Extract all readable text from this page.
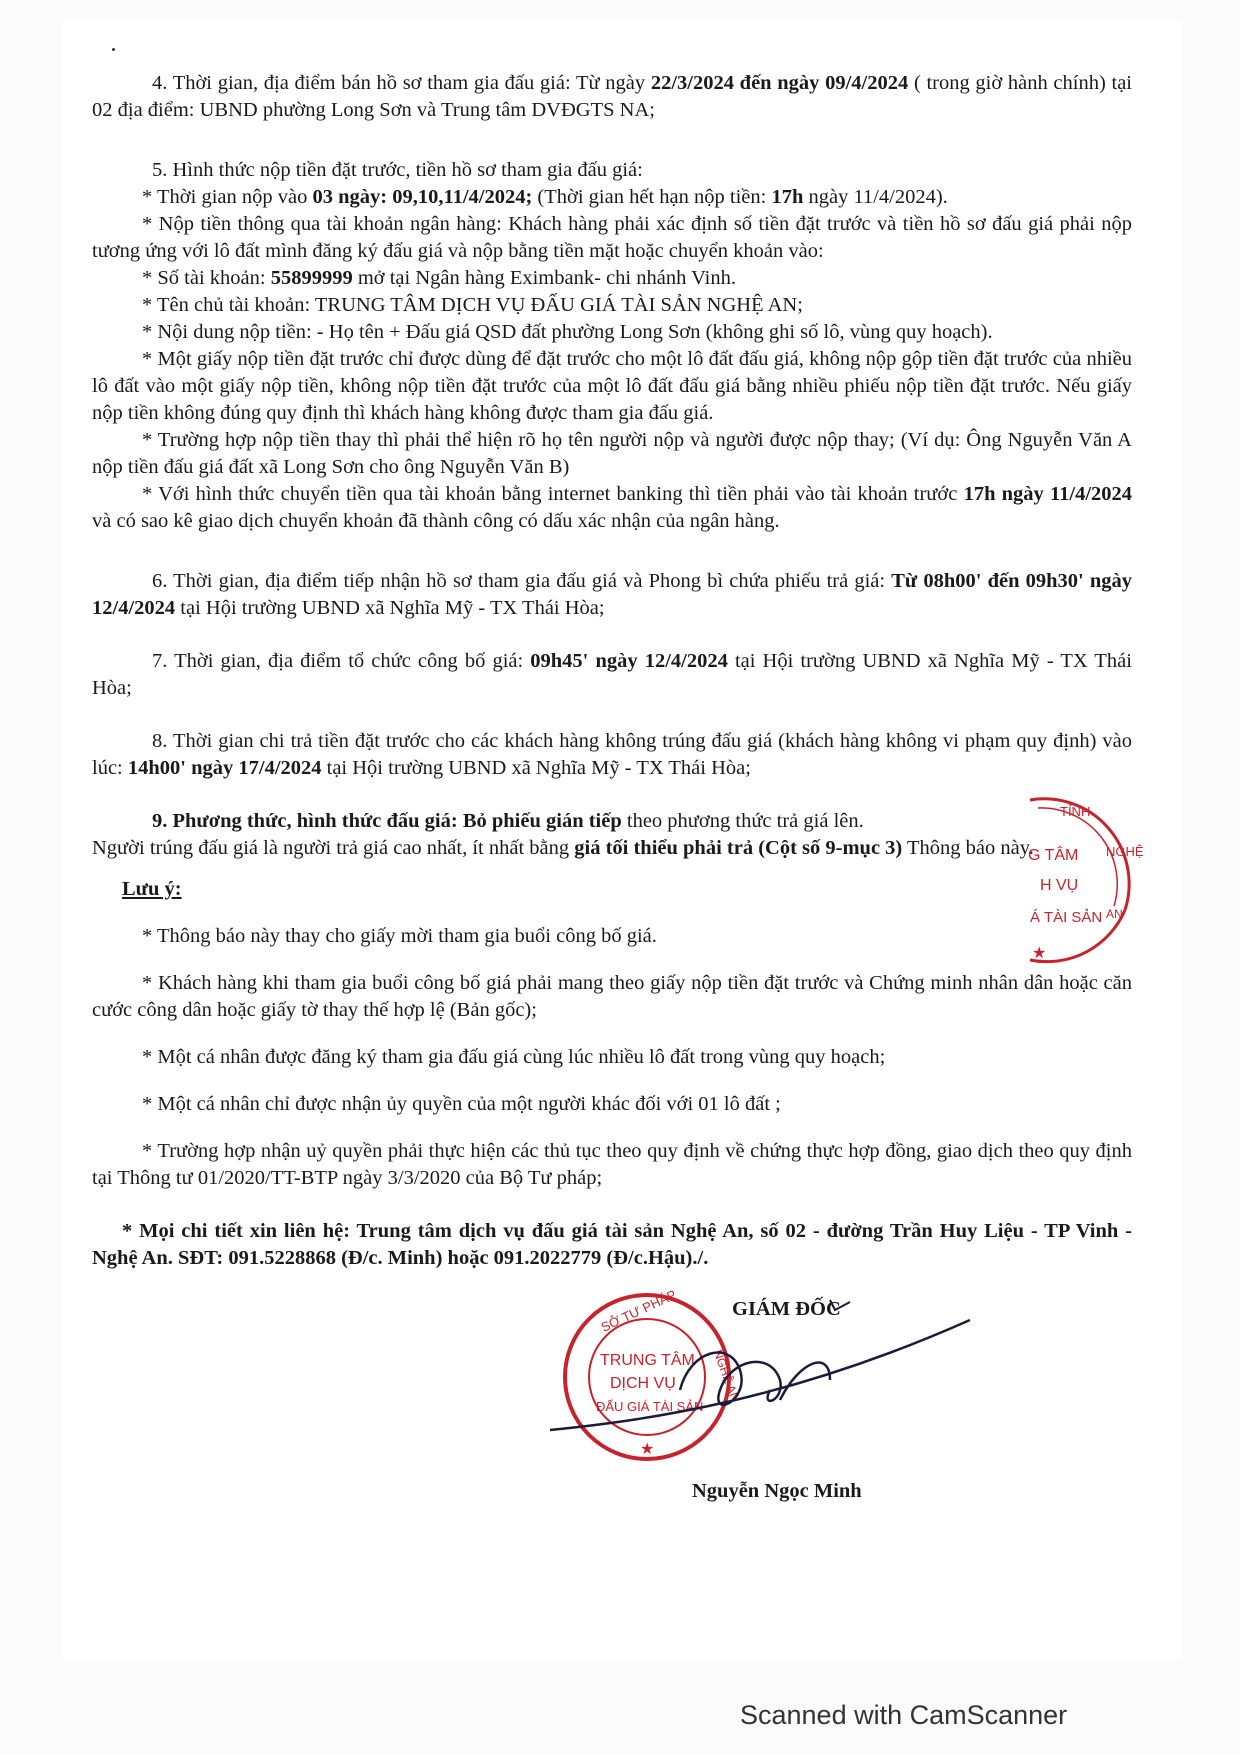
4. Thời gian, địa điểm bán hồ sơ tham gia đấu giá: Từ ngày 22/3/2024 đến ngày 09/4/2024 ( trong giờ hành chính) tại 02 địa điểm: UBND phường Long Sơn và Trung tâm DVĐGTS NA;

5. Hình thức nộp tiền đặt trước, tiền hồ sơ tham gia đấu giá:

* Thời gian nộp vào 03 ngày: 09,10,11/4/2024; (Thời gian hết hạn nộp tiền: 17h ngày 11/4/2024).

* Nộp tiền thông qua tài khoản ngân hàng: Khách hàng phải xác định số tiền đặt trước và tiền hồ sơ đấu giá phải nộp tương ứng với lô đất mình đăng ký đấu giá và nộp bằng tiền mặt hoặc chuyển khoản vào:

* Số tài khoản: 55899999 mở tại Ngân hàng Eximbank- chi nhánh Vinh.

* Tên chủ tài khoản: TRUNG TÂM DỊCH VỤ ĐẤU GIÁ TÀI SẢN NGHỆ AN;

* Nội dung nộp tiền: - Họ tên + Đấu giá QSD đất phường Long Sơn (không ghi số lô, vùng quy hoạch).

* Một giấy nộp tiền đặt trước chỉ được dùng để đặt trước cho một lô đất đấu giá, không nộp gộp tiền đặt trước của nhiều lô đất vào một giấy nộp tiền, không nộp tiền đặt trước của một lô đất đấu giá bằng nhiều phiếu nộp tiền đặt trước. Nếu giấy nộp tiền không đúng quy định thì khách hàng không được tham gia đấu giá.

* Trường hợp nộp tiền thay thì phải thể hiện rõ họ tên người nộp và người được nộp thay; (Ví dụ: Ông Nguyễn Văn A nộp tiền đấu giá đất xã Long Sơn cho ông Nguyễn Văn B)

* Với hình thức chuyển tiền qua tài khoản bằng internet banking thì tiền phải vào tài khoản trước 17h ngày 11/4/2024 và có sao kê giao dịch chuyển khoản đã thành công có dấu xác nhận của ngân hàng.

6. Thời gian, địa điểm tiếp nhận hồ sơ tham gia đấu giá và Phong bì chứa phiếu trả giá: Từ 08h00' đến 09h30' ngày 12/4/2024 tại Hội trường UBND xã Nghĩa Mỹ - TX Thái Hòa;

7. Thời gian, địa điểm tổ chức công bố giá: 09h45' ngày 12/4/2024 tại Hội trường UBND xã Nghĩa Mỹ - TX Thái Hòa;

8. Thời gian chi trả tiền đặt trước cho các khách hàng không trúng đấu giá (khách hàng không vi phạm quy định) vào lúc: 14h00' ngày 17/4/2024 tại Hội trường UBND xã Nghĩa Mỹ - TX Thái Hòa;

9. Phương thức, hình thức đấu giá: Bỏ phiếu gián tiếp theo phương thức trả giá lên.

Người trúng đấu giá là người trả giá cao nhất, ít nhất bằng giá tối thiểu phải trả (Cột số 9-mục 3) Thông báo này.

Lưu ý:

* Thông báo này thay cho giấy mời tham gia buổi công bố giá.

* Khách hàng khi tham gia buổi công bố giá phải mang theo giấy nộp tiền đặt trước và Chứng minh nhân dân hoặc căn cước công dân hoặc giấy tờ thay thế hợp lệ (Bản gốc);

* Một cá nhân được đăng ký tham gia đấu giá cùng lúc nhiều lô đất trong vùng quy hoạch;

* Một cá nhân chỉ được nhận ủy quyền của một người khác đối với 01 lô đất ;

* Trường hợp nhận uỷ quyền phải thực hiện các thủ tục theo quy định về chứng thực hợp đồng, giao dịch theo quy định tại Thông tư 01/2020/TT-BTP ngày 3/3/2020 của Bộ Tư pháp;

* Mọi chi tiết xin liên hệ: Trung tâm dịch vụ đấu giá tài sản Nghệ An, số 02 - đường Trần Huy Liệu - TP Vinh - Nghệ An. SĐT: 091.5228868 (Đ/c. Minh) hoặc 091.2022779 (Đ/c.Hậu)./.

TỈNH
NGHỆ
AN
G TÂM
H VỤ
Á TÀI SẢN
★
SỞ TƯ PHÁP
NGHỆ AN
TRUNG TÂM
DỊCH VỤ
ĐẤU GIÁ TÀI SẢN
★
GIÁM ĐỐC
Nguyễn Ngọc Minh
Scanned with CamScanner
